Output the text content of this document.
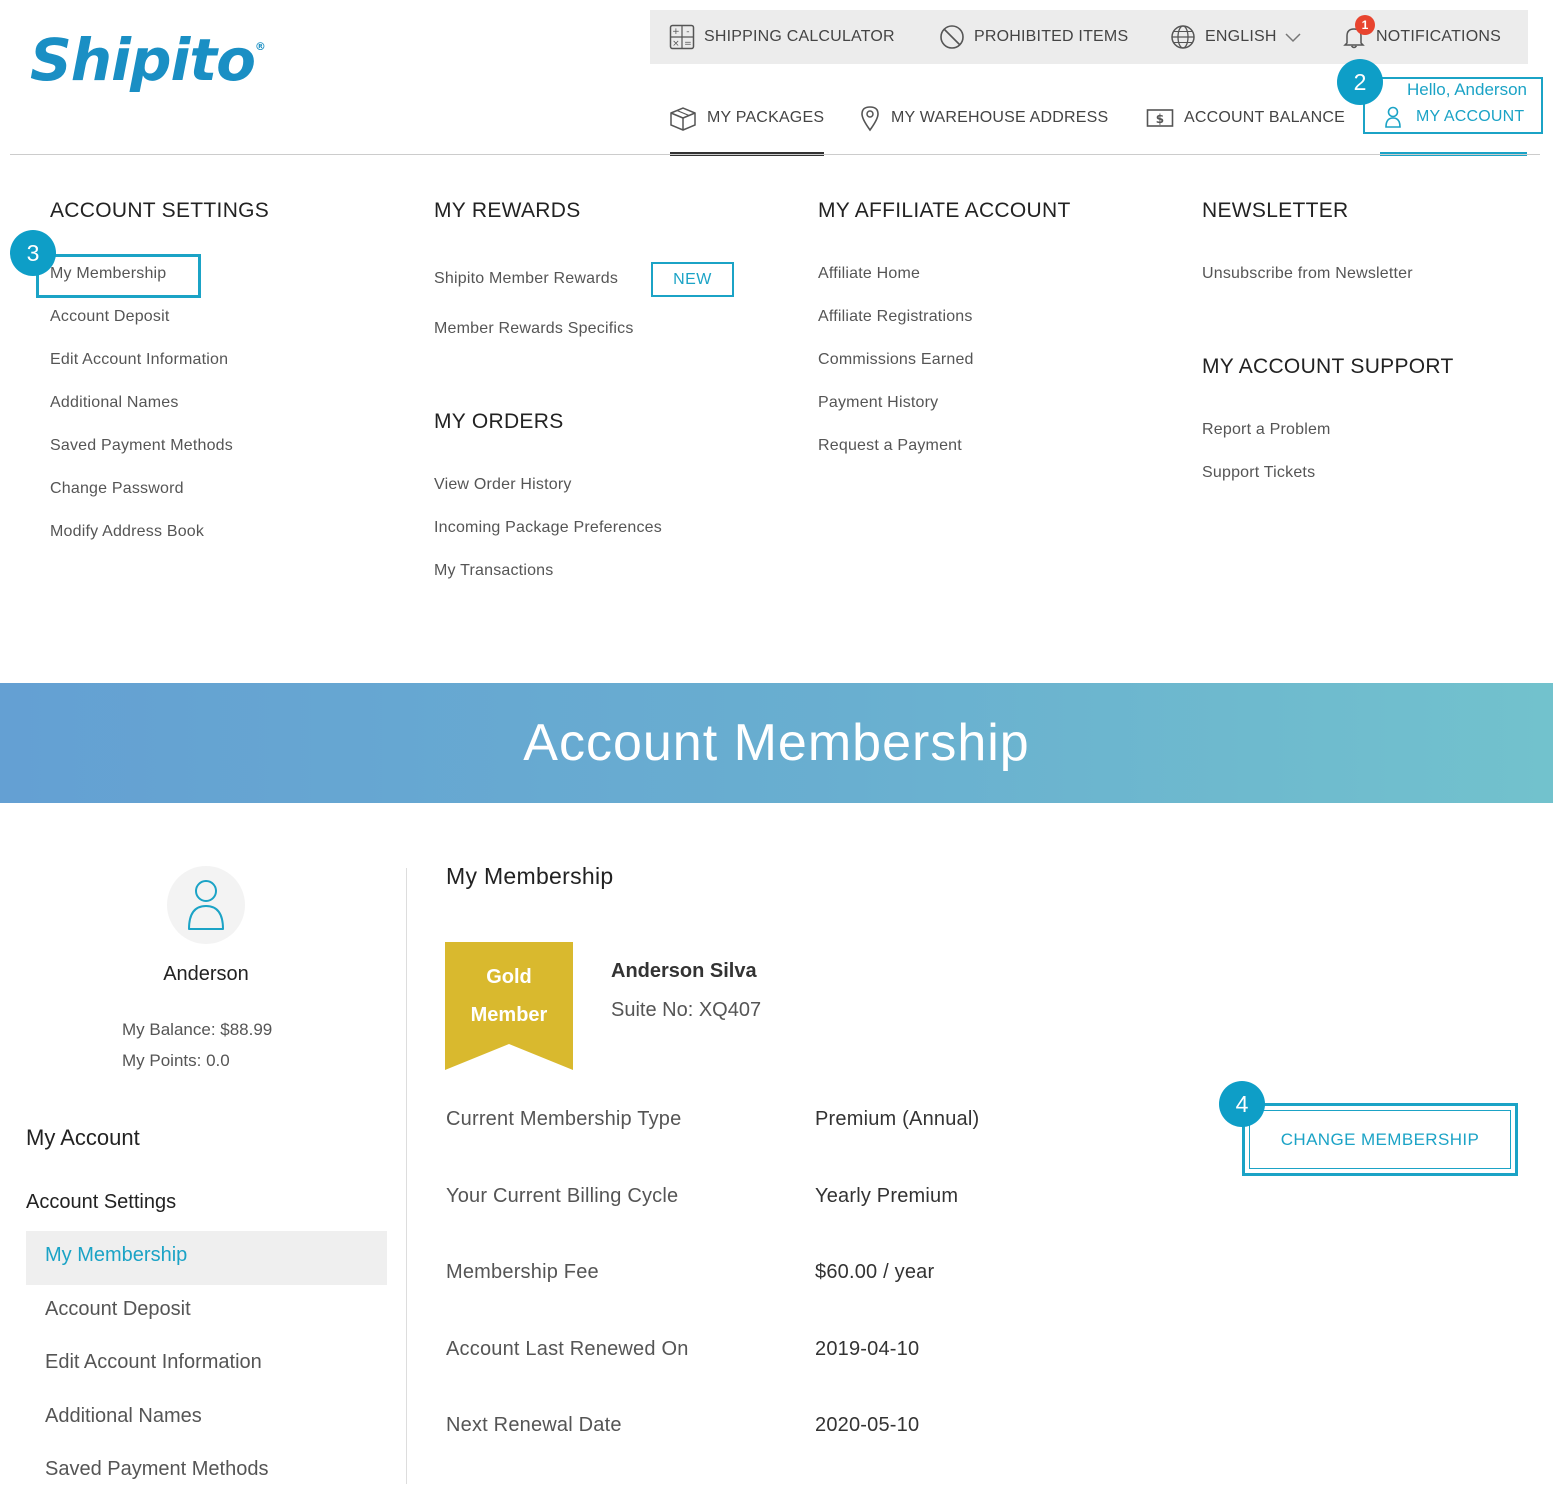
Shipito®
+ -
× = SHIPPING CALCULATOR	PROHIBITED ITEMS	ENGLISH
1
NOTIFICATIONS
MY PACKAGES	MY WAREHOUSE ADDRESS	$ ACCOUNT BALANCE
Hello, Anderson
MY ACCOUNT
2
ACCOUNT SETTINGS
3
My Membership
Account Deposit
Edit Account Information
Additional Names
Saved Payment Methods
Change Password
Modify Address Book
MY REWARDS
Shipito Member Rewards	NEW
Member Rewards Specifics
MY ORDERS
View Order History
Incoming Package Preferences
My Transactions
MY AFFILIATE ACCOUNT
Affiliate Home
Affiliate Registrations
Commissions Earned
Payment History
Request a Payment
NEWSLETTER
Unsubscribe from Newsletter
MY ACCOUNT SUPPORT
Report a Problem
Support Tickets
Account Membership
Anderson
My Balance: $88.99
My Points: 0.0
My Account
Account Settings
My Membership
Account Deposit
Edit Account Information
Additional Names
Saved Payment Methods
My Membership
Gold
Member
Anderson Silva
Suite No: XQ407
Current Membership Type	Premium (Annual)
Your Current Billing Cycle	Yearly Premium
Membership Fee	$60.00 / year
Account Last Renewed On	2019-04-10
Next Renewal Date	2020-05-10
CHANGE MEMBERSHIP
4
